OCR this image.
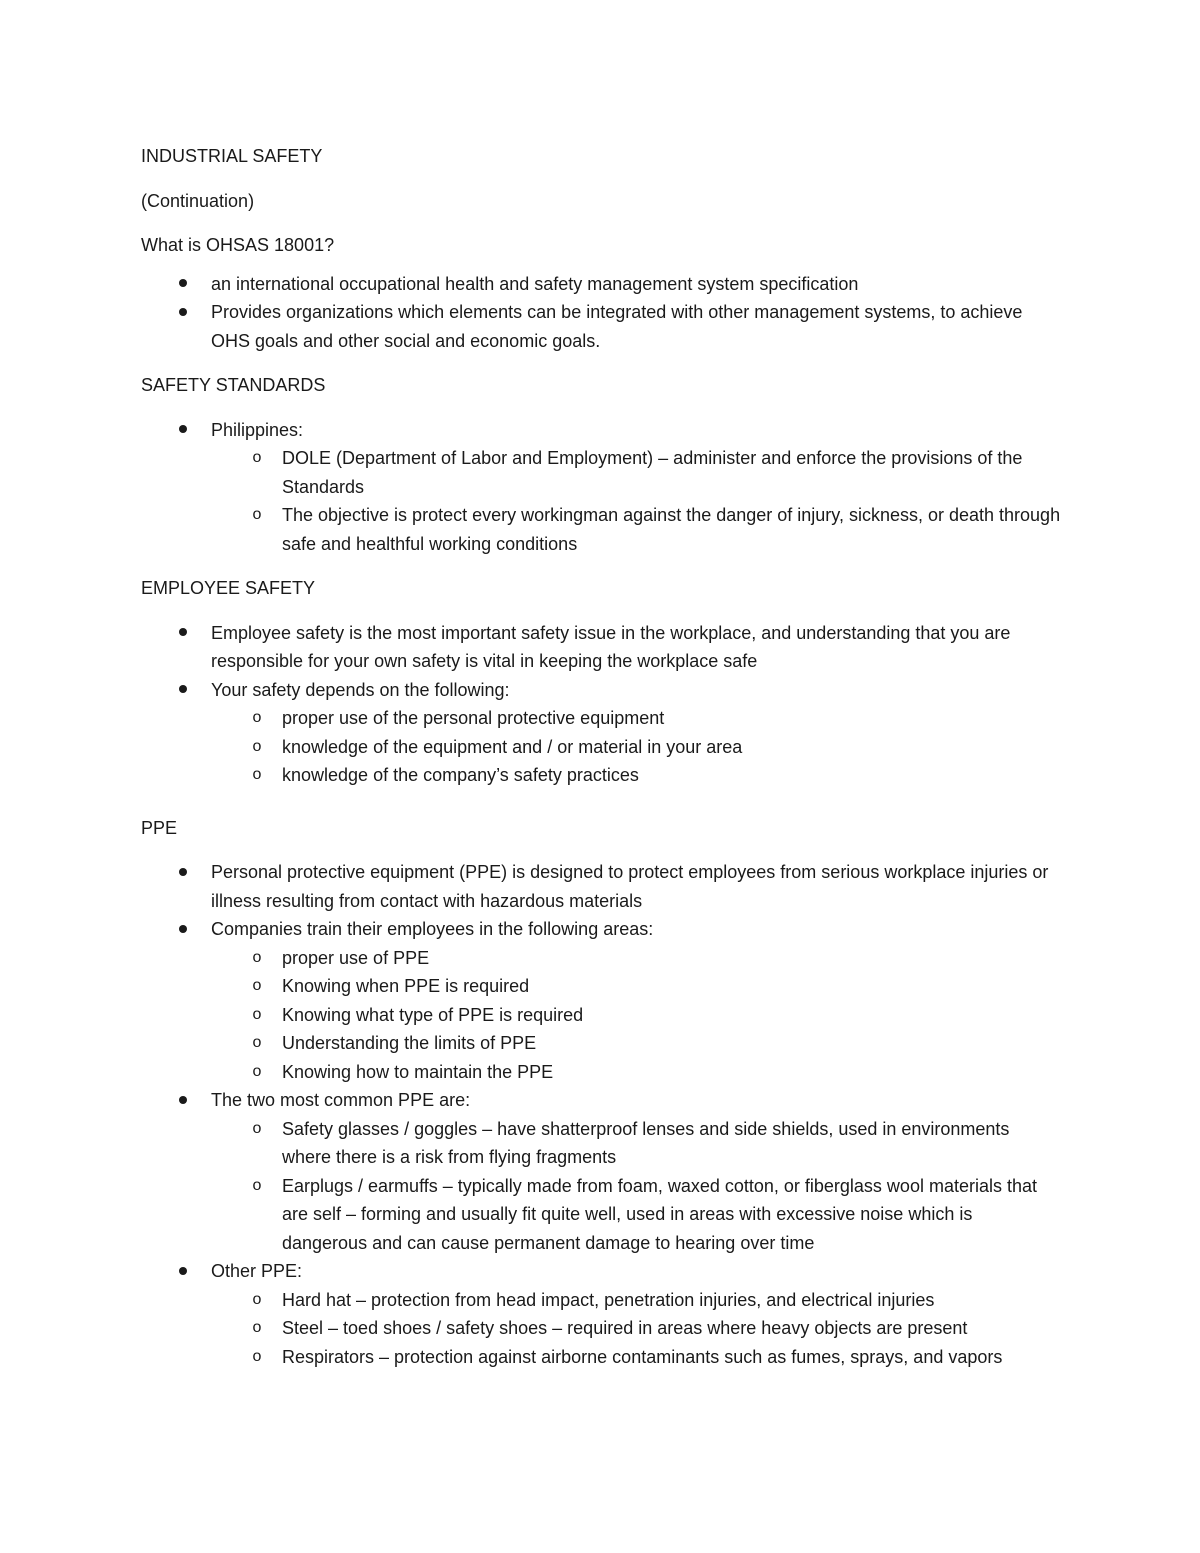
INDUSTRIAL SAFETY

(Continuation)

What is OHSAS 18001?

an international occupational health and safety management system specification
Provides organizations which elements can be integrated with other management systems, to achieve OHS goals and other social and economic goals.

SAFETY STANDARDS

Philippines:
o DOLE (Department of Labor and Employment) – administer and enforce the provisions of the Standards
o The objective is protect every workingman against the danger of injury, sickness, or death through safe and healthful working conditions

EMPLOYEE SAFETY

Employee safety is the most important safety issue in the workplace, and understanding that you are responsible for your own safety is vital in keeping the workplace safe
Your safety depends on the following:
o proper use of the personal protective equipment
o knowledge of the equipment and / or material in your area
o knowledge of the company’s safety practices

PPE

Personal protective equipment (PPE) is designed to protect employees from serious workplace injuries or illness resulting from contact with hazardous materials
Companies train their employees in the following areas:
o proper use of PPE
o Knowing when PPE is required
o Knowing what type of PPE is required
o Understanding the limits of PPE
o Knowing how to maintain the PPE
The two most common PPE are:
o Safety glasses / goggles – have shatterproof lenses and side shields, used in environments where there is a risk from flying fragments
o Earplugs / earmuffs – typically made from foam, waxed cotton, or fiberglass wool materials that are self – forming and usually fit quite well, used in areas with excessive noise which is dangerous and can cause permanent damage to hearing over time
Other PPE:
o Hard hat – protection from head impact, penetration injuries, and electrical injuries
o Steel – toed shoes / safety shoes – required in areas where heavy objects are present
o Respirators – protection against airborne contaminants such as fumes, sprays, and vapors
